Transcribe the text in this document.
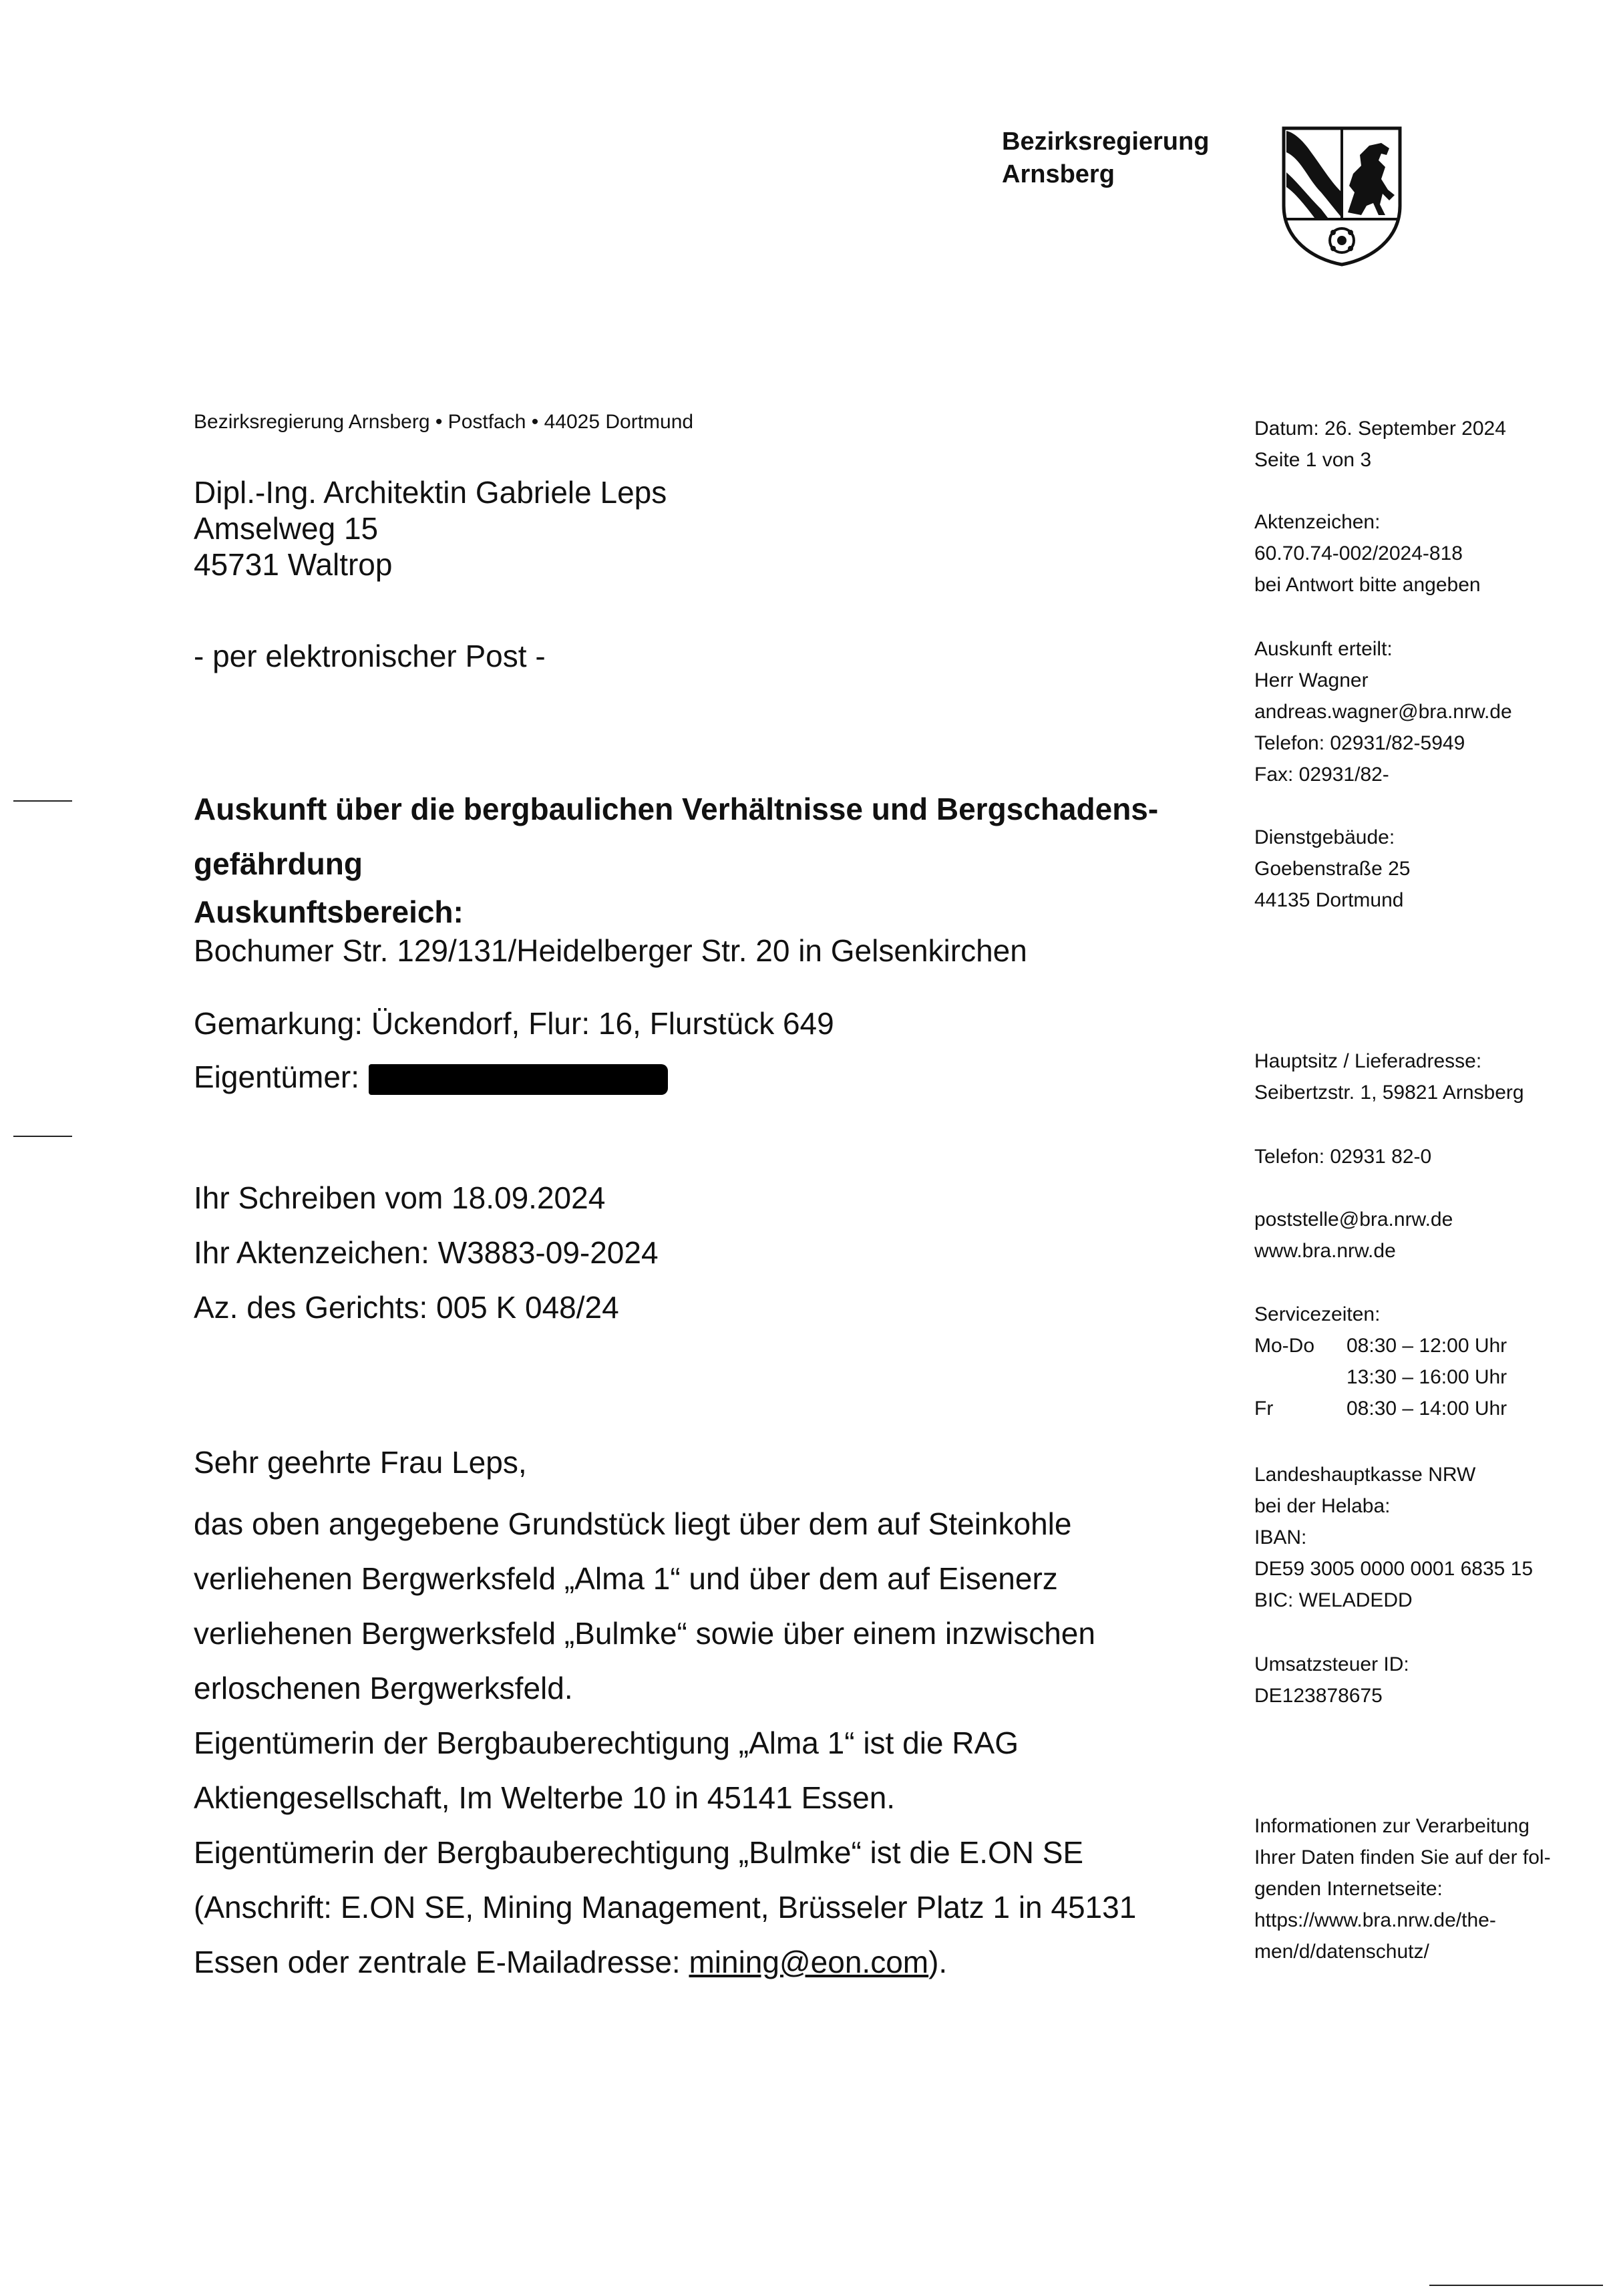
Bezirksregierung
Arnsberg
Bezirksregierung Arnsberg • Postfach • 44025 Dortmund
Dipl.-Ing. Architektin Gabriele Leps
Amselweg 15
45731 Waltrop
- per elektronischer Post -
Auskunft über die bergbaulichen Verhältnisse und Bergschadens-
gefährdung
Auskunftsbereich:
Bochumer Str. 129/131/Heidelberger Str. 20 in Gelsenkirchen
Gemarkung: Ückendorf, Flur: 16, Flurstück 649
Eigentümer:
Ihr Schreiben vom 18.09.2024
Ihr Aktenzeichen: W3883-09-2024
Az. des Gerichts: 005 K 048/24
Sehr geehrte Frau Leps,

das oben angegebene Grundstück liegt über dem auf Steinkohle verliehenen Bergwerksfeld „Alma 1“ und über dem auf Eisenerz verliehenen Bergwerksfeld „Bulmke“ sowie über einem inzwischen erloschenen Bergwerksfeld.

Eigentümerin der Bergbauberechtigung „Alma 1“ ist die RAG Aktiengesellschaft, Im Welterbe 10 in 45141 Essen.

Eigentümerin der Bergbauberechtigung „Bulmke“ ist die E.ON SE (Anschrift: E.ON SE, Mining Management, Brüsseler Platz 1 in 45131 Essen oder zentrale E-Mailadresse: mining@eon.com).

Datum: 26. September 2024
Seite 1 von 3
Aktenzeichen:
60.70.74-002/2024-818
bei Antwort bitte angeben
Auskunft erteilt:
Herr Wagner
andreas.wagner@bra.nrw.de
Telefon: 02931/82-5949
Fax: 02931/82-
Dienstgebäude:
Goebenstraße 25
44135 Dortmund
Hauptsitz / Lieferadresse:
Seibertzstr. 1, 59821 Arnsberg
Telefon: 02931 82-0
poststelle@bra.nrw.de
www.bra.nrw.de
Servicezeiten:
Mo-Do 08:30 – 12:00 Uhr
13:30 – 16:00 Uhr
Fr	08:30 – 14:00 Uhr
Landeshauptkasse NRW
bei der Helaba:
IBAN:
DE59 3005 0000 0001 6835 15
BIC: WELADEDD
Umsatzsteuer ID:
DE123878675
Informationen zur Verarbeitung
Ihrer Daten finden Sie auf der fol-
genden Internetseite:
https://www.bra.nrw.de/the-
men/d/datenschutz/
